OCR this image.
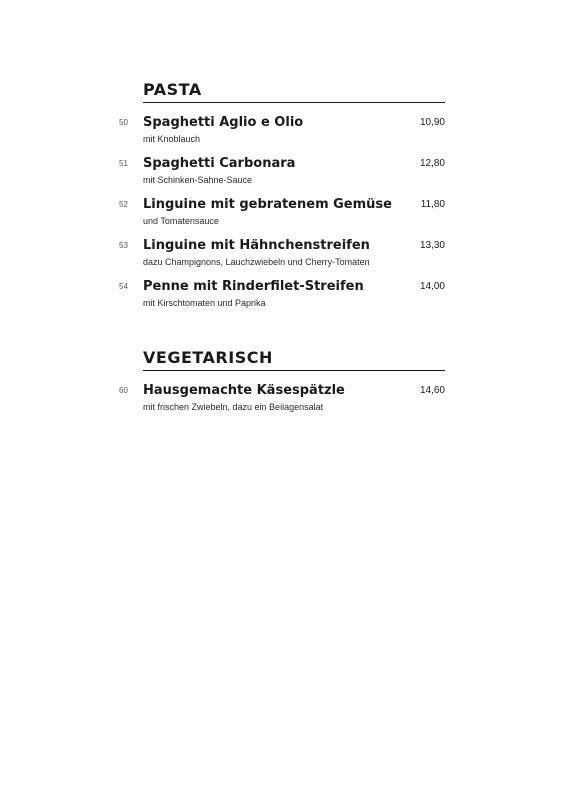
PASTA
50	Spaghetti Aglio e Olio	10,90
mit Knoblauch
51	Spaghetti Carbonara	12,80
mit Schinken-Sahne-Sauce
52	Linguine mit gebratenem Gemüse	11,80
und Tomatensauce
53	Linguine mit Hähnchenstreifen	13,30
dazu Champignons, Lauchzwiebeln und Cherry-Tomaten
54	Penne mit Rinderfilet-Streifen	14,00
mit Kirschtomaten und Paprika
VEGETARISCH
60	Hausgemachte Käsespätzle	14,60
mit frischen Zwiebeln, dazu ein Beilagensalat
